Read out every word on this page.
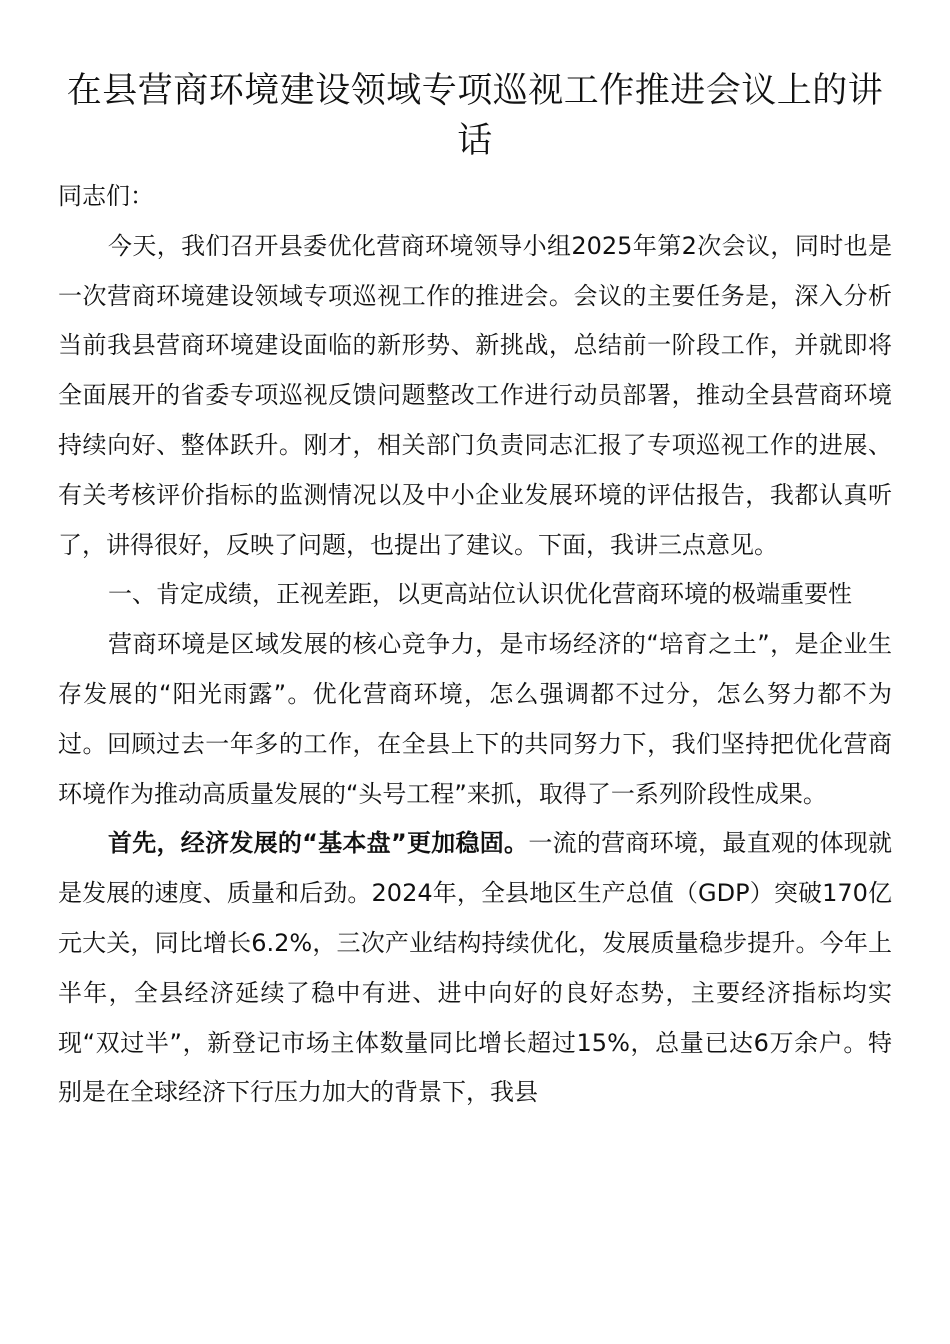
在县营商环境建设领域专项巡视工作推进会议上的讲话

同志们：

今天，我们召开县委优化营商环境领导小组2025年第2次会议，同时也是一次营商环境建设领域专项巡视工作的推进会。会议的主要任务是，深入分析当前我县营商环境建设面临的新形势、新挑战，总结前一阶段工作，并就即将全面展开的省委专项巡视反馈问题整改工作进行动员部署，推动全县营商环境持续向好、整体跃升。刚才，相关部门负责同志汇报了专项巡视工作的进展、有关考核评价指标的监测情况以及中小企业发展环境的评估报告，我都认真听了，讲得很好，反映了问题，也提出了建议。下面，我讲三点意见。

一、肯定成绩，正视差距，以更高站位认识优化营商环境的极端重要性

营商环境是区域发展的核心竞争力，是市场经济的“培育之土”，是企业生存发展的“阳光雨露”。优化营商环境，怎么强调都不过分，怎么努力都不为过。回顾过去一年多的工作，在全县上下的共同努力下，我们坚持把优化营商环境作为推动高质量发展的“头号工程”来抓，取得了一系列阶段性成果。

首先，经济发展的“基本盘”更加稳固。一流的营商环境，最直观的体现就是发展的速度、质量和后劲。2024年，全县地区生产总值（GDP）突破170亿元大关，同比增长6.2%，三次产业结构持续优化，发展质量稳步提升。今年上半年，全县经济延续了稳中有进、进中向好的良好态势，主要经济指标均实现“双过半”，新登记市场主体数量同比增长超过15%，总量已达6万余户。特别是在全球经济下行压力加大的背景下，我县
